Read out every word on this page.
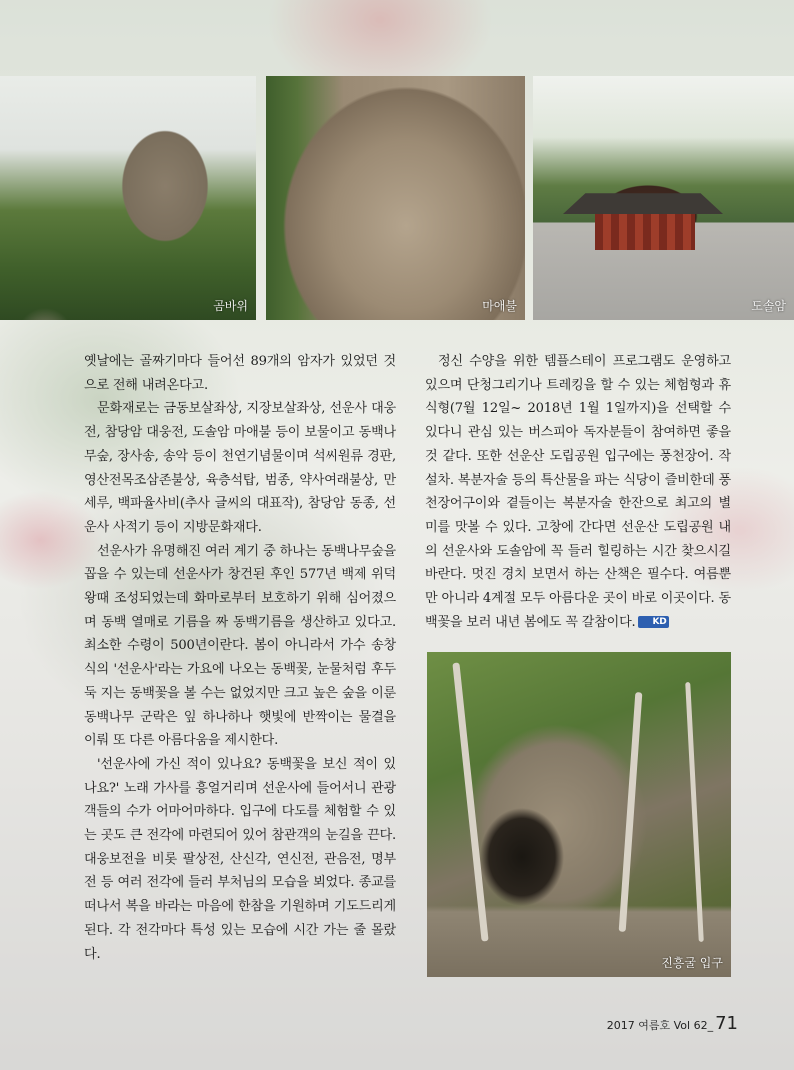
곰바위	마애불	도솔암

옛날에는 골짜기마다 들어선 89개의 암자가 있었던 것으로 전해 내려온다고.

문화재로는 금동보살좌상, 지장보살좌상, 선운사 대웅전, 참당암 대웅전, 도솔암 마애불 등이 보물이고 동백나무숲, 장사송, 송악 등이 천연기념물이며 석씨원류 경판, 영산전목조삼존불상, 육층석탑, 범종, 약사여래불상, 만세루, 백파율사비(추사 글씨의 대표작), 참당암 동종, 선운사 사적기 등이 지방문화재다.

선운사가 유명해진 여러 계기 중 하나는 동백나무숲을 꼽을 수 있는데 선운사가 창건된 후인 577년 백제 위덕왕때 조성되었는데 화마로부터 보호하기 위해 심어졌으며 동백 열매로 기름을 짜 동백기름을 생산하고 있다고. 최소한 수령이 500년이란다. 봄이 아니라서 가수 송창식의 '선운사'라는 가요에 나오는 동백꽃, 눈물처럼 후두둑 지는 동백꽃을 볼 수는 없었지만 크고 높은 숲을 이룬 동백나무 군락은 잎 하나하나 햇빛에 반짝이는 물결을 이뤄 또 다른 아름다움을 제시한다.

'선운사에 가신 적이 있나요? 동백꽃을 보신 적이 있나요?' 노래 가사를 흥얼거리며 선운사에 들어서니 관광객들의 수가 어마어마하다. 입구에 다도를 체험할 수 있는 곳도 큰 전각에 마련되어 있어 참관객의 눈길을 끈다. 대웅보전을 비롯 팔상전, 산신각, 연신전, 관음전, 명부전 등 여러 전각에 들러 부처님의 모습을 뵈었다. 종교를 떠나서 복을 바라는 마음에 한참을 기원하며 기도드리게 된다. 각 전각마다 특성 있는 모습에 시간 가는 줄 몰랐다.

정신 수양을 위한 템플스테이 프로그램도 운영하고 있으며 단청그리기나 트레킹을 할 수 있는 체험형과 휴식형(7월 12일~ 2018년 1월 1일까지)을 선택할 수 있다니 관심 있는 버스피아 독자분들이 참여하면 좋을 것 같다. 또한 선운산 도립공원 입구에는 풍천장어. 작설차. 복분자술 등의 특산물을 파는 식당이 즐비한데 풍천장어구이와 곁들이는 복분자술 한잔으로 최고의 별미를 맛볼 수 있다. 고창에 간다면 선운산 도립공원 내의 선운사와 도솔암에 꼭 들러 힐링하는 시간 찾으시길 바란다. 멋진 경치 보면서 하는 산책은 필수다. 여름뿐만 아니라 4계절 모두 아름다운 곳이 바로 이곳이다. 동백꽃을 보러 내년 봄에도 꼭 갈참이다. KD

진흥굴 입구
2017 여름호 Vol 62_ 71
